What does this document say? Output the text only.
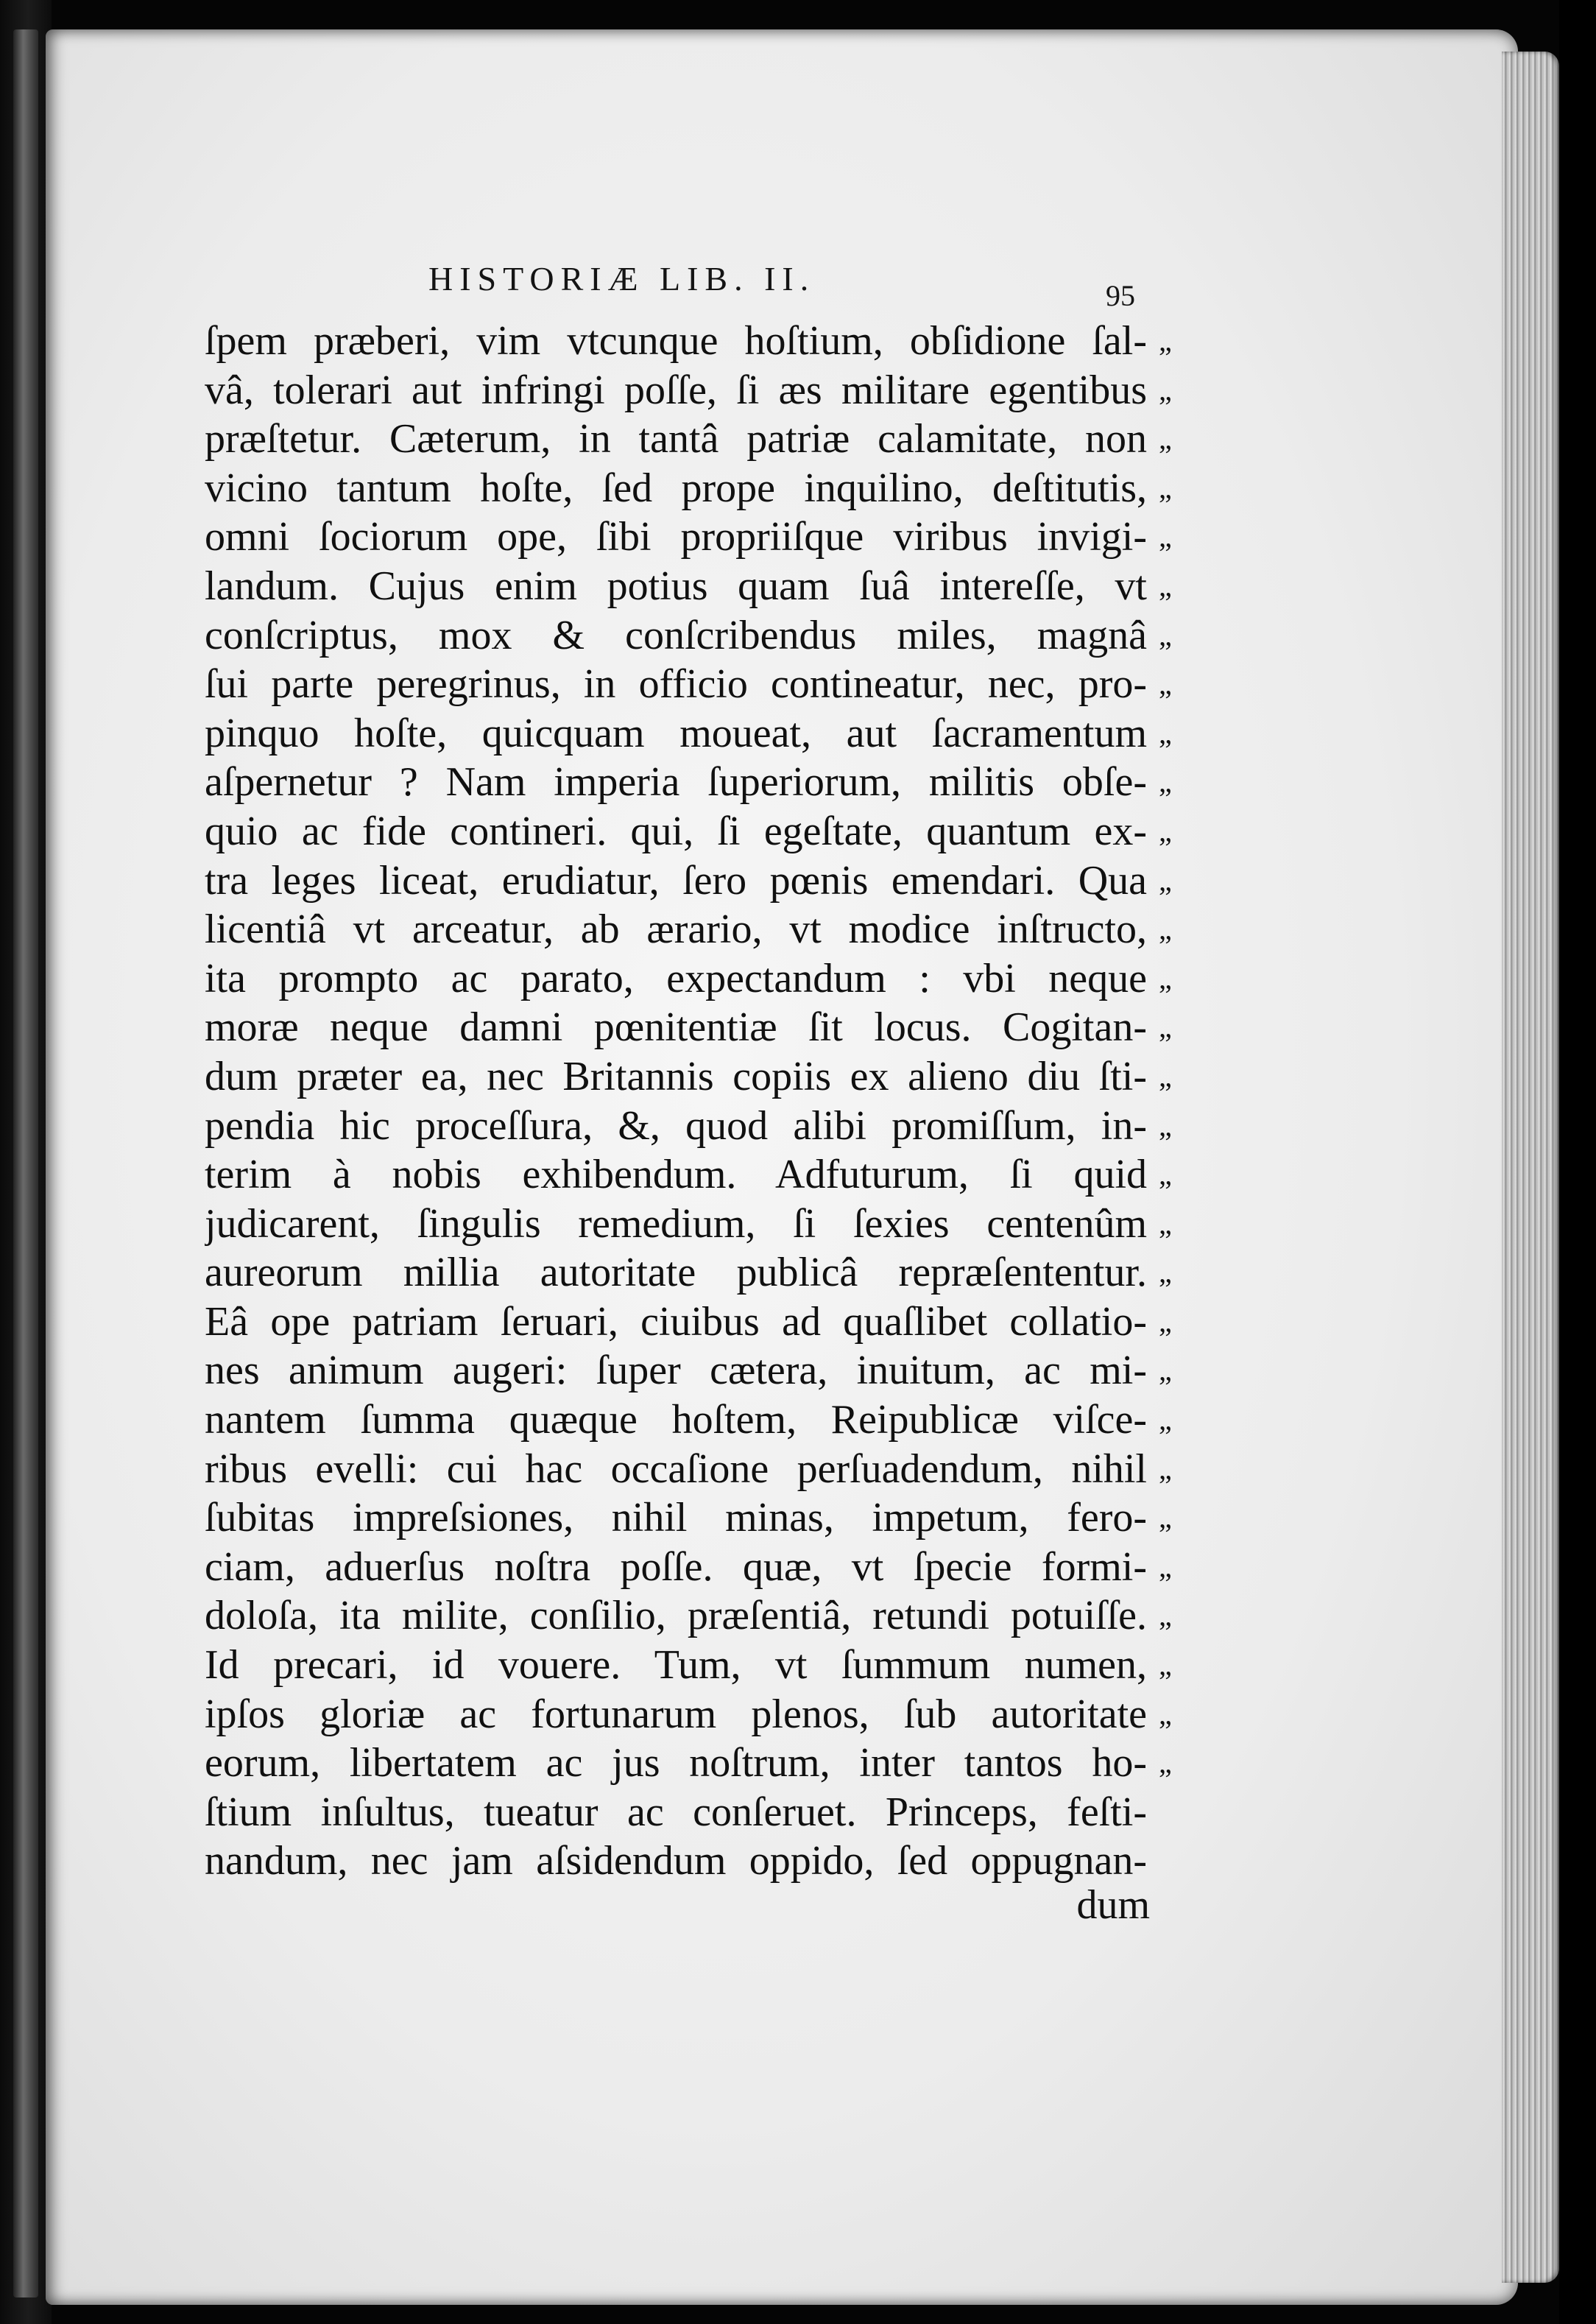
HISTORIÆ LIB. II.	95
ſpem præberi, vim vtcunque hoſtium, obſidione ſal- „
vâ, tolerari aut infringi poſſe, ſi æs militare egentibus „
præſtetur. Cæterum, in tantâ patriæ calamitate, non „
vicino tantum hoſte, ſed prope inquilino, deſtitutis, „
omni ſociorum ope, ſibi propriiſque viribus invigi- „
landum. Cujus enim potius quam ſuâ intereſſe, vt „
conſcriptus, mox & conſcribendus miles, magnâ „
ſui parte peregrinus, in officio contineatur, nec, pro- „
pinquo hoſte, quicquam moueat, aut ſacramentum „
aſpernetur ? Nam imperia ſuperiorum, militis obſe- „
quio ac fide contineri. qui, ſi egeſtate, quantum ex- „
tra leges liceat, erudiatur, ſero pœnis emendari. Qua „
licentiâ vt arceatur, ab ærario, vt modice inſtructo, „
ita prompto ac parato, expectandum : vbi neque „
moræ neque damni pœnitentiæ ſit locus. Cogitan- „
dum præter ea, nec Britannis copiis ex alieno diu ſti- „
pendia hic proceſſura, &, quod alibi promiſſum, in- „
terim à nobis exhibendum. Adfuturum, ſi quid „
judicarent, ſingulis remedium, ſi ſexies centenûm „
aureorum millia autoritate publicâ repræſententur. „
Eâ ope patriam ſeruari, ciuibus ad quaſlibet collatio- „
nes animum augeri: ſuper cætera, inuitum, ac mi- „
nantem ſumma quæque hoſtem, Reipublicæ viſce- „
ribus evelli: cui hac occaſione perſuadendum, nihil „
ſubitas impreſsiones, nihil minas, impetum, fero- „
ciam, aduerſus noſtra poſſe. quæ, vt ſpecie formi- „
doloſa, ita milite, conſilio, præſentiâ, retundi potuiſſe. „
Id precari, id vouere. Tum, vt ſummum numen, „
ipſos gloriæ ac fortunarum plenos, ſub autoritate „
eorum, libertatem ac jus noſtrum, inter tantos ho- „
ſtium inſultus, tueatur ac conſeruet. Princeps, feſti-
nandum, nec jam aſsidendum oppido, ſed oppugnan-
dum
